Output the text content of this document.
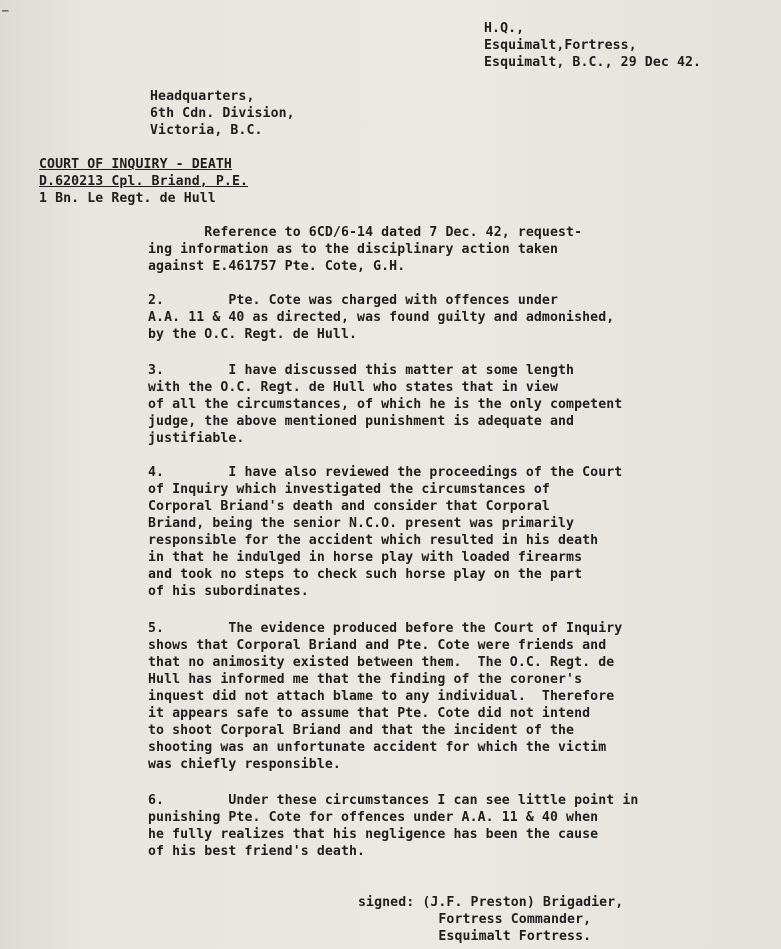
—
H.Q.,
Esquimalt,Fortress,
Esquimalt, B.C., 29 Dec 42.
Headquarters,
6th Cdn. Division,
Victoria, B.C.
COURT OF INQUIRY - DEATH
D.620213 Cpl. Briand, P.E.
1 Bn. Le Regt. de Hull
Reference to 6CD/6-14 dated 7 Dec. 42, request-
ing information as to the disciplinary action taken
against E.461757 Pte. Cote, G.H.
2.        Pte. Cote was charged with offences under
A.A. 11 & 40 as directed, was found guilty and admonished,
by the O.C. Regt. de Hull.
3.        I have discussed this matter at some length
with the O.C. Regt. de Hull who states that in view
of all the circumstances, of which he is the only competent
judge, the above mentioned punishment is adequate and
justifiable.
4.        I have also reviewed the proceedings of the Court
of Inquiry which investigated the circumstances of
Corporal Briand's death and consider that Corporal
Briand, being the senior N.C.O. present was primarily
responsible for the accident which resulted in his death
in that he indulged in horse play with loaded firearms
and took no steps to check such horse play on the part
of his subordinates.
5.        The evidence produced before the Court of Inquiry
shows that Corporal Briand and Pte. Cote were friends and
that no animosity existed between them.  The O.C. Regt. de
Hull has informed me that the finding of the coroner's
inquest did not attach blame to any individual.  Therefore
it appears safe to assume that Pte. Cote did not intend
to shoot Corporal Briand and that the incident of the
shooting was an unfortunate accident for which the victim
was chiefly responsible.
6.        Under these circumstances I can see little point in
punishing Pte. Cote for offences under A.A. 11 & 40 when
he fully realizes that his negligence has been the cause
of his best friend's death.
signed: (J.F. Preston) Brigadier,
Fortress Commander,
Esquimalt Fortress.
